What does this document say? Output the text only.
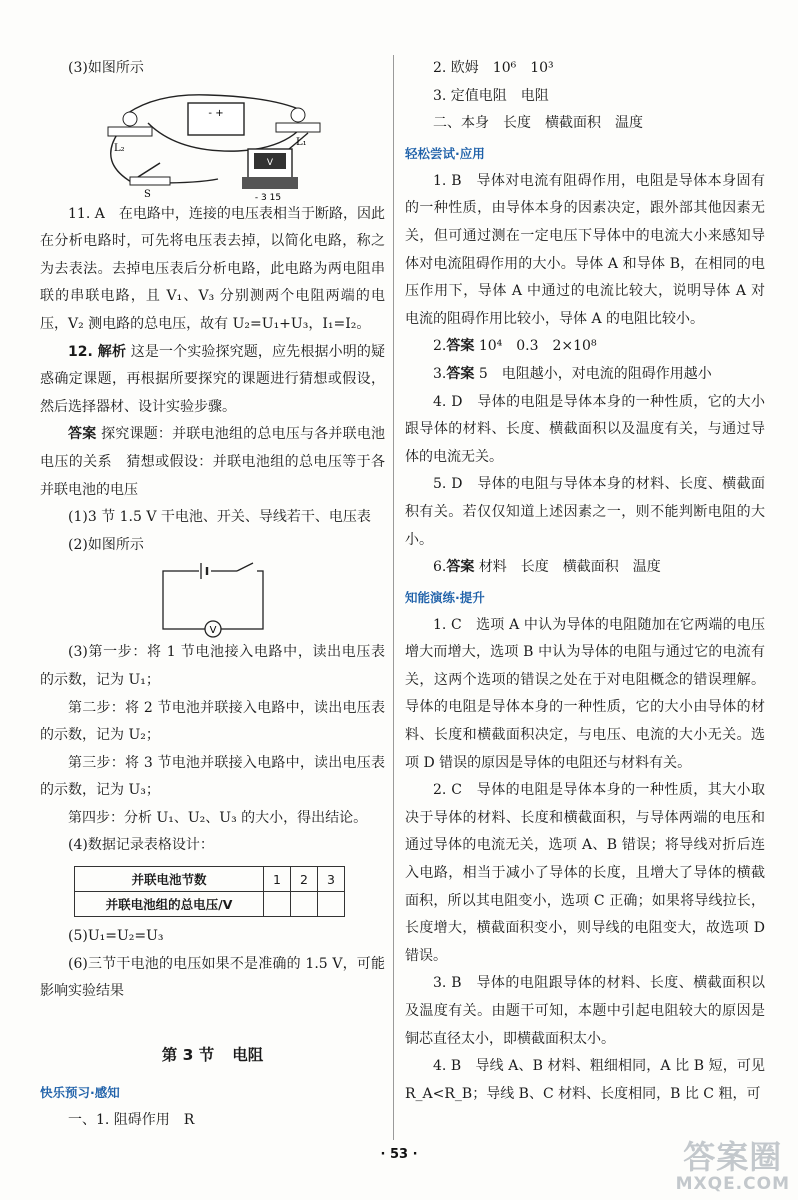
(3)如图所示

- +
L₂
L₁
S
V
- 3 15

11. A　在电路中，连接的电压表相当于断路，因此在分析电路时，可先将电压表去掉，以简化电路，称之为去表法。去掉电压表后分析电路，此电路为两电阻串联的串联电路，且 V₁、V₃ 分别测两个电阻两端的电压，V₂ 测电路的总电压，故有 U₂=U₁+U₃，I₁=I₂。

12. 解析 这是一个实验探究题，应先根据小明的疑惑确定课题，再根据所要探究的课题进行猜想或假设，然后选择器材、设计实验步骤。

答案 探究课题：并联电池组的总电压与各并联电池电压的关系　猜想或假设：并联电池组的总电压等于各并联电池的电压

(1)3 节 1.5 V 干电池、开关、导线若干、电压表

(2)如图所示

V

(3)第一步：将 1 节电池接入电路中，读出电压表的示数，记为 U₁；

第二步：将 2 节电池并联接入电路中，读出电压表的示数，记为 U₂；

第三步：将 3 节电池并联接入电路中，读出电压表的示数，记为 U₃；

第四步：分析 U₁、U₂、U₃ 的大小，得出结论。

(4)数据记录表格设计：

并联电池节数	1	2	3
并联电池组的总电压/V			

(5)U₁=U₂=U₃

(6)三节干电池的电压如果不是准确的 1.5 V，可能影响实验结果

第 3 节 电阻
快乐预习·感知

一、1. 阻碍作用　R

2. 欧姆　10⁶　10³

3. 定值电阻　电阻

二、本身　长度　横截面积　温度

轻松尝试·应用

1. B　导体对电流有阻碍作用，电阻是导体本身固有的一种性质，由导体本身的因素决定，跟外部其他因素无关，但可通过测在一定电压下导体中的电流大小来感知导体对电流阻碍作用的大小。导体 A 和导体 B，在相同的电压作用下，导体 A 中通过的电流比较大，说明导体 A 对电流的阻碍作用比较小，导体 A 的电阻比较小。

2.答案 10⁴　0.3　2×10⁸

3.答案 5　电阻越小，对电流的阻碍作用越小

4. D　导体的电阻是导体本身的一种性质，它的大小跟导体的材料、长度、横截面积以及温度有关，与通过导体的电流无关。

5. D　导体的电阻与导体本身的材料、长度、横截面积有关。若仅仅知道上述因素之一，则不能判断电阻的大小。

6.答案 材料　长度　横截面积　温度

知能演练·提升

1. C　选项 A 中认为导体的电阻随加在它两端的电压增大而增大，选项 B 中认为导体的电阻与通过它的电流有关，这两个选项的错误之处在于对电阻概念的错误理解。导体的电阻是导体本身的一种性质，它的大小由导体的材料、长度和横截面积决定，与电压、电流的大小无关。选项 D 错误的原因是导体的电阻还与材料有关。

2. C　导体的电阻是导体本身的一种性质，其大小取决于导体的材料、长度和横截面积，与导体两端的电压和通过导体的电流无关，选项 A、B 错误；将导线对折后连入电路，相当于减小了导体的长度，且增大了导体的横截面积，所以其电阻变小，选项 C 正确；如果将导线拉长，长度增大，横截面积变小，则导线的电阻变大，故选项 D 错误。

3. B　导体的电阻跟导体的材料、长度、横截面积以及温度有关。由题干可知，本题中引起电阻较大的原因是铜芯直径太小，即横截面积太小。

4. B　导线 A、B 材料、粗细相同，A 比 B 短，可见 R_A<R_B；导线 B、C 材料、长度相同，B 比 C 粗，可

· 53 ·	答案圈
MXQE.COM
